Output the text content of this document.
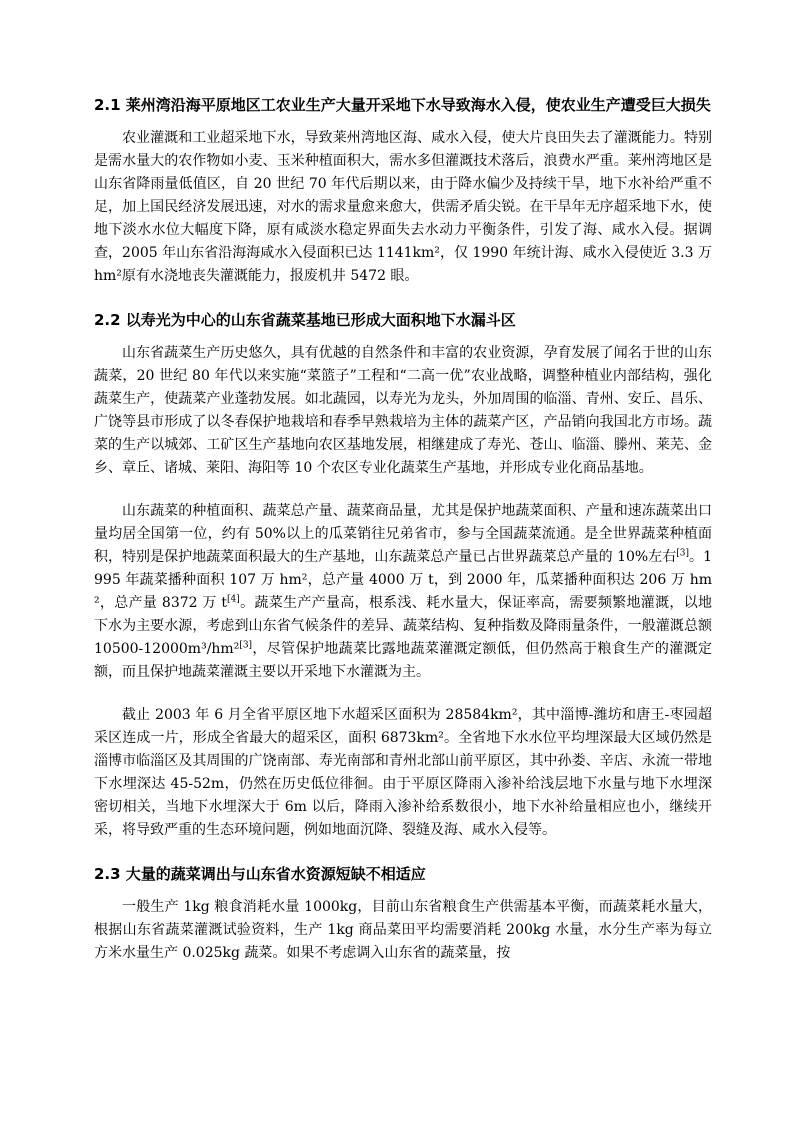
2.1 莱州湾沿海平原地区工农业生产大量开采地下水导致海水入侵，使农业生产遭受巨大损失

农业灌溉和工业超采地下水，导致莱州湾地区海、咸水入侵，使大片良田失去了灌溉能力。特别是需水量大的农作物如小麦、玉米种植面积大，需水多但灌溉技术落后，浪费水严重。莱州湾地区是山东省降雨量低值区，自 20 世纪 70 年代后期以来，由于降水偏少及持续干旱，地下水补给严重不足，加上国民经济发展迅速，对水的需求量愈来愈大，供需矛盾尖锐。在干旱年无序超采地下水，使地下淡水水位大幅度下降，原有咸淡水稳定界面失去水动力平衡条件，引发了海、咸水入侵。据调查，2005 年山东省沿海海咸水入侵面积已达 1141km²，仅 1990 年统计海、咸水入侵使近 3.3 万 hm²原有水浇地丧失灌溉能力，报废机井 5472 眼。

2.2 以寿光为中心的山东省蔬菜基地已形成大面积地下水漏斗区

山东省蔬菜生产历史悠久，具有优越的自然条件和丰富的农业资源，孕育发展了闻名于世的山东蔬菜，20 世纪 80 年代以来实施“菜篮子”工程和“二高一优”农业战略，调整种植业内部结构，强化蔬菜生产，使蔬菜产业蓬勃发展。如北蔬园，以寿光为龙头，外加周围的临淄、青州、安丘、昌乐、广饶等县市形成了以冬春保护地栽培和春季早熟栽培为主体的蔬菜产区，产品销向我国北方市场。蔬菜的生产以城郊、工矿区生产基地向农区基地发展，相继建成了寿光、苍山、临淄、滕州、莱芜、金乡、章丘、诸城、莱阳、海阳等 10 个农区专业化蔬菜生产基地，并形成专业化商品基地。

山东蔬菜的种植面积、蔬菜总产量、蔬菜商品量，尤其是保护地蔬菜面积、产量和速冻蔬菜出口量均居全国第一位，约有 50%以上的瓜菜销往兄弟省市，参与全国蔬菜流通。是全世界蔬菜种植面积，特别是保护地蔬菜面积最大的生产基地，山东蔬菜总产量已占世界蔬菜总产量的 10%左右[3]。1995 年蔬菜播种面积 107 万 hm²，总产量 4000 万 t，到 2000 年，瓜菜播种面积达 206 万 hm²，总产量 8372 万 t[4]。蔬菜生产产量高，根系浅、耗水量大，保证率高，需要频繁地灌溉，以地下水为主要水源，考虑到山东省气候条件的差异、蔬菜结构、复种指数及降雨量条件，一般灌溉总额 10500-12000m³/hm²[3]，尽管保护地蔬菜比露地蔬菜灌溉定额低，但仍然高于粮食生产的灌溉定额，而且保护地蔬菜灌溉主要以开采地下水灌溉为主。

截止 2003 年 6 月全省平原区地下水超采区面积为 28584km²，其中淄博-潍坊和唐王-枣园超采区连成一片，形成全省最大的超采区，面积 6873km²。全省地下水水位平均埋深最大区域仍然是淄博市临淄区及其周围的广饶南部、寿光南部和青州北部山前平原区，其中孙娄、辛店、永流一带地下水埋深达 45-52m，仍然在历史低位徘徊。由于平原区降雨入渗补给浅层地下水量与地下水埋深密切相关，当地下水埋深大于 6m 以后，降雨入渗补给系数很小，地下水补给量相应也小，继续开采，将导致严重的生态环境问题，例如地面沉降、裂缝及海、咸水入侵等。

2.3 大量的蔬菜调出与山东省水资源短缺不相适应

一般生产 1kg 粮食消耗水量 1000kg，目前山东省粮食生产供需基本平衡，而蔬菜耗水量大，根据山东省蔬菜灌溉试验资料，生产 1kg 商品菜田平均需要消耗 200kg 水量，水分生产率为每立方米水量生产 0.025kg 蔬菜。如果不考虑调入山东省的蔬菜量，按
